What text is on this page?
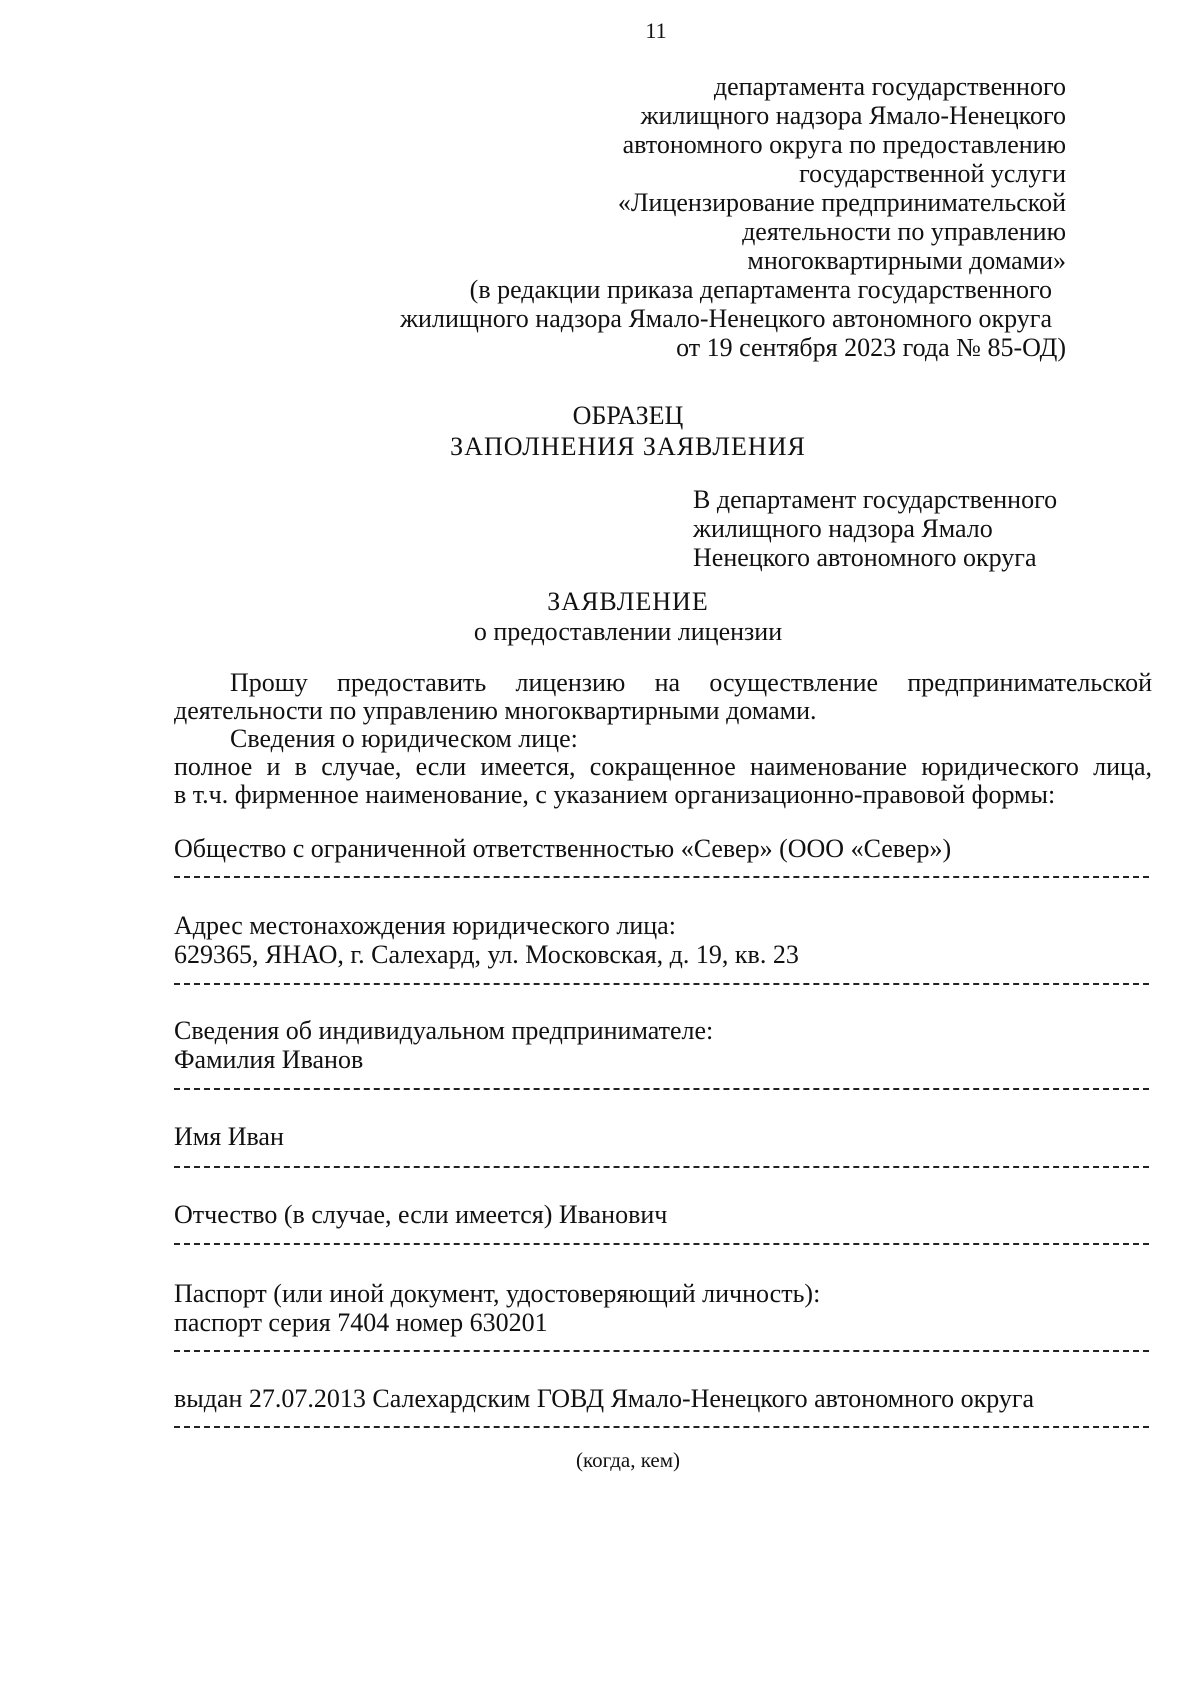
11
департамента государственного
жилищного надзора Ямало-Ненецкого
автономного округа по предоставлению
государственной услуги
«Лицензирование предпринимательской
деятельности по управлению
многоквартирными домами»
(в редакции приказа департамента государственного
жилищного надзора Ямало-Ненецкого автономного округа
от 19 сентября 2023 года № 85-ОД)
ОБРАЗЕЦ
ЗАПОЛНЕНИЯ ЗАЯВЛЕНИЯ
В департамент государственного
жилищного надзора Ямало
Ненецкого автономного округа
ЗАЯВЛЕНИЕ
о предоставлении лицензии
Прошу предоставить лицензию на осуществление предпринимательской
деятельности по управлению многоквартирными домами.
Сведения о юридическом лице:
полное и в случае, если имеется, сокращенное наименование юридического лица,
в т.ч. фирменное наименование, с указанием организационно-правовой формы:
Общество с ограниченной ответственностью «Север» (ООО «Север»)
Адрес местонахождения юридического лица:
629365, ЯНАО, г. Салехард, ул. Московская, д. 19, кв. 23
Сведения об индивидуальном предпринимателе:
Фамилия Иванов
Имя Иван
Отчество (в случае, если имеется) Иванович
Паспорт (или иной документ, удостоверяющий личность):
паспорт серия 7404 номер 630201
выдан 27.07.2013 Салехардским ГОВД Ямало-Ненецкого автономного округа
(когда, кем)
